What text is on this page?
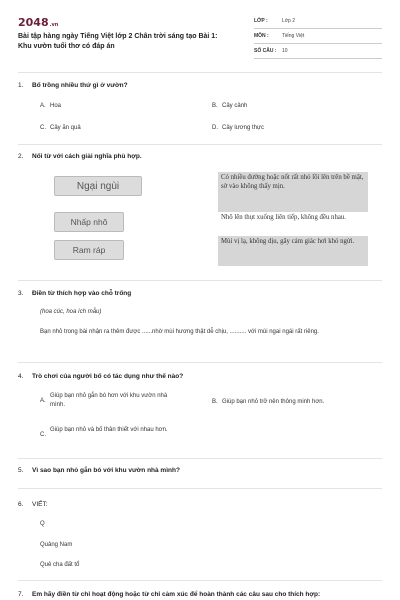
2048.vn
Bài tập hàng ngày Tiếng Việt lớp 2 Chân trời sáng tạo Bài 1: Khu vườn tuổi thơ có đáp án
LỚP :	Lớp 2
MÔN :	Tiếng Việt
SỐ CÂU :	10
1.	Bố trồng nhiều thứ gì ở vườn?
A. Hoa	B. Cây cảnh
C. Cây ăn quả	D. Cây lương thực
2.	Nối từ với cách giải nghĩa phù hợp.
Ngại ngùi
Nhấp nhô
Ram ráp
Có nhiều đường hoặc nốt rất nhỏ lồi lên trên bề mặt, sờ vào không thấy mịn.
Nhô lên thụt xuống liên tiếp, không đều nhau.
Mùi vị lạ, không dịu, gây cảm giác hơi khó ngửi.
3.	Điền từ thích hợp vào chỗ trống
(hoa cúc, hoa ích mẫu)
Bạn nhỏ trong bài nhận ra thêm được ......nhờ mùi hương thật dễ chịu, .......... với mùi ngai ngái rất riêng.
4.	Trò chơi của người bố có tác dụng như thế nào?
A.
Giúp bạn nhỏ gắn bó hơn với khu vườn nhà mình.	B. Giúp bạn nhỏ trở nên thông minh hơn.
C.
Giúp bạn nhỏ và bố thân thiết với nhau hơn.
5.	Vì sao bạn nhỏ gắn bó với khu vườn nhà mình?
6.	VIẾT:
Q
Quảng Nam
Quê cha đất tổ
7.	Em hãy điền từ chỉ hoạt động hoặc từ chỉ cảm xúc để hoàn thành các câu sau cho thích hợp:
